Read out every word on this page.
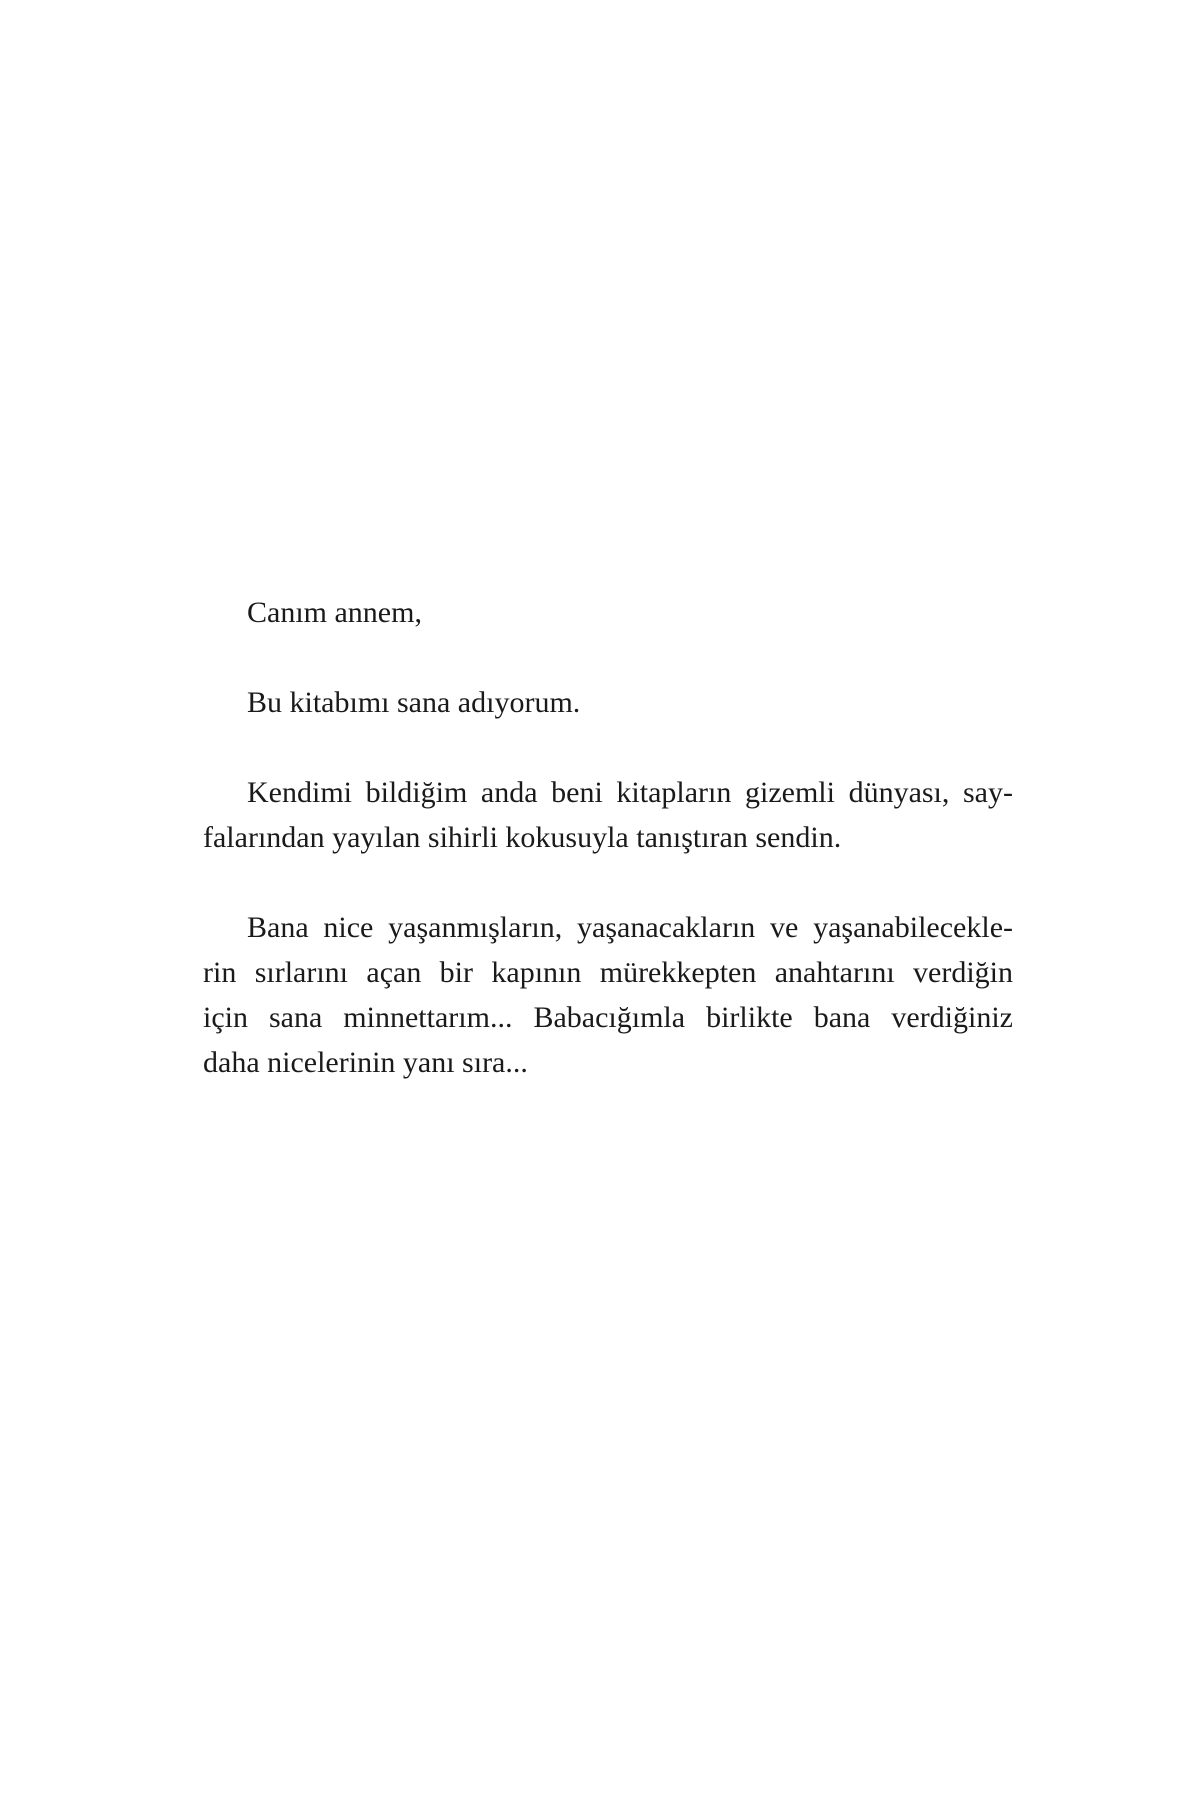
Canım annem,
Bu kitabımı sana adıyorum.
Kendimi bildiğim anda beni kitapların gizemli dünyası, say-
falarından yayılan sihirli kokusuyla tanıştıran sendin.
Bana nice yaşanmışların, yaşanacakların ve yaşanabilecekle-
rin sırlarını açan bir kapının mürekkepten anahtarını verdiğin
için sana minnettarım... Babacığımla birlikte bana verdiğiniz
daha nicelerinin yanı sıra...
